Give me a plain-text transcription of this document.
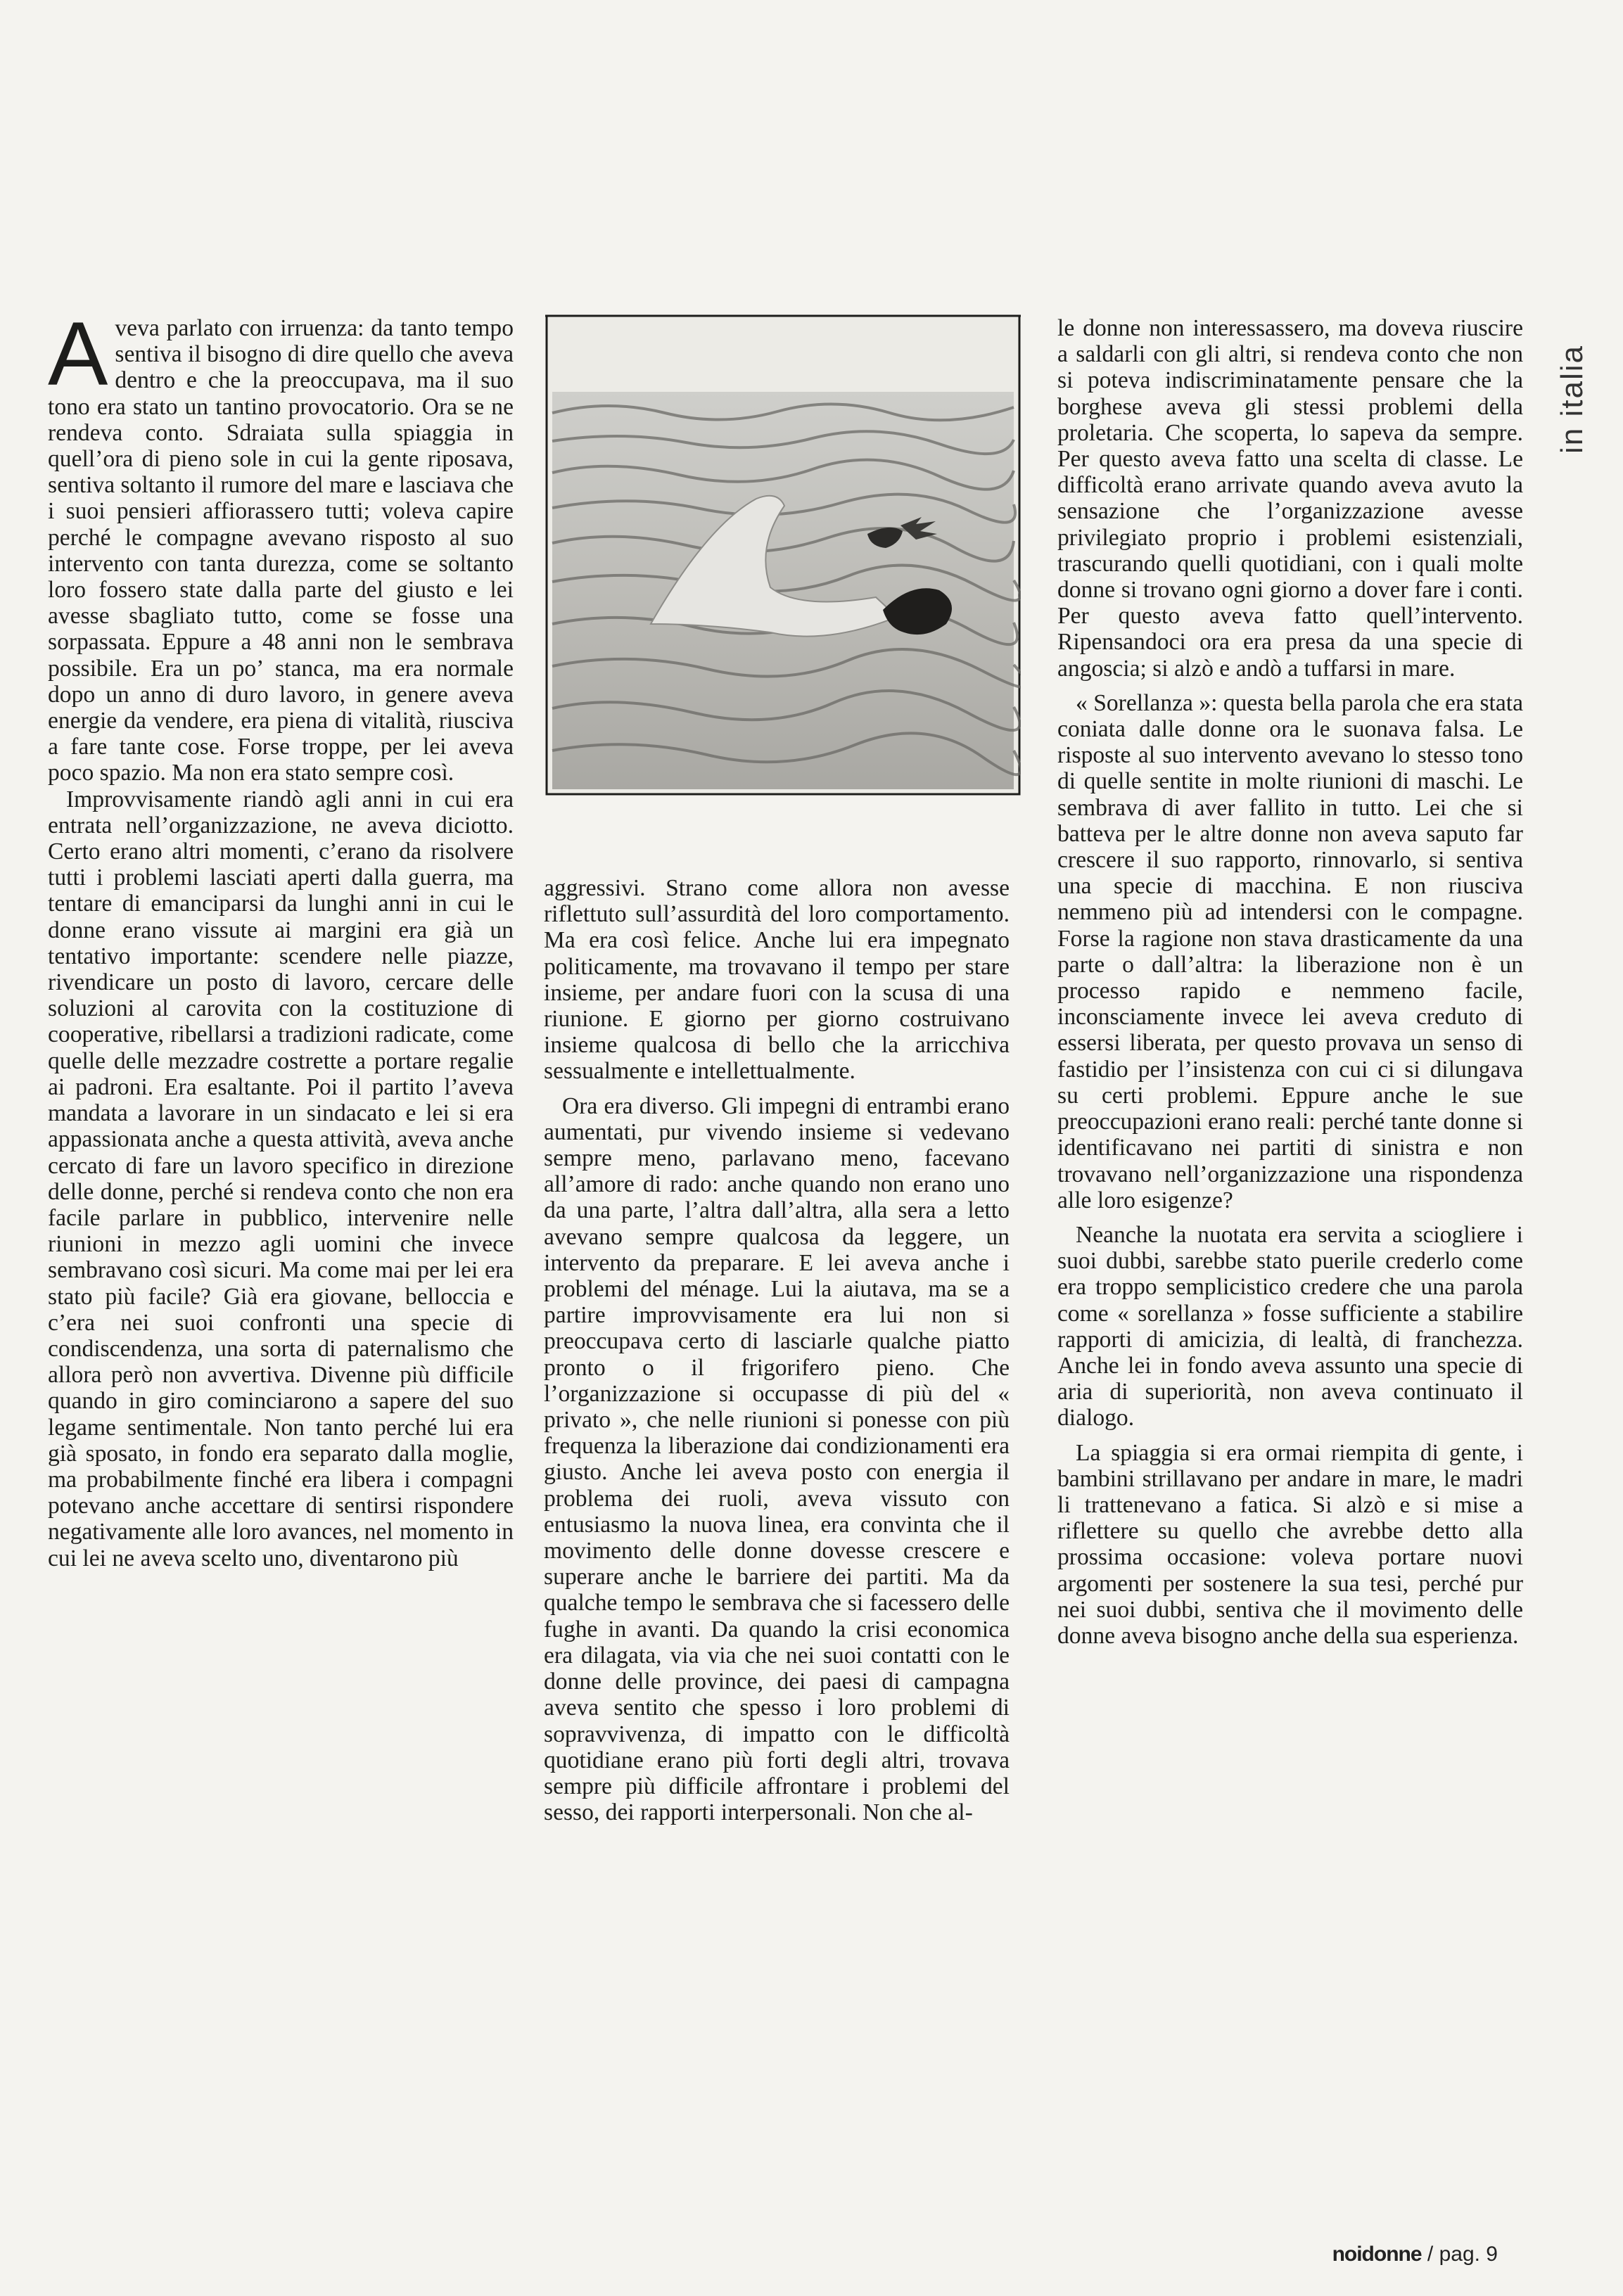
in italia

Aveva parlato con irruenza: da tanto tempo sentiva il bisogno di dire quello che aveva dentro e che la preoccupava, ma il suo tono era stato un tantino provocatorio. Ora se ne rendeva conto. Sdraiata sulla spiaggia in quell’ora di pieno sole in cui la gente riposava, sentiva soltanto il rumore del mare e lasciava che i suoi pensieri affiorassero tutti; voleva capire perché le compagne avevano risposto al suo intervento con tanta durezza, come se soltanto loro fossero state dalla parte del giusto e lei avesse sbagliato tutto, come se fosse una sorpassata. Eppure a 48 anni non le sembrava possibile. Era un po’ stanca, ma era normale dopo un anno di duro lavoro, in genere aveva energie da vendere, era piena di vitalità, riusciva a fare tante cose. Forse troppe, per lei aveva poco spazio. Ma non era stato sempre così.

Improvvisamente riandò agli anni in cui era entrata nell’organizzazione, ne aveva diciotto. Certo erano altri momenti, c’erano da risolvere tutti i problemi lasciati aperti dalla guerra, ma tentare di emanciparsi da lunghi anni in cui le donne erano vissute ai margini era già un tentativo importante: scendere nelle piazze, rivendicare un posto di lavoro, cercare delle soluzioni al carovita con la costituzione di cooperative, ribellarsi a tradizioni radicate, come quelle delle mezzadre costrette a portare regalie ai padroni. Era esaltante. Poi il partito l’aveva mandata a lavorare in un sindacato e lei si era appassionata anche a questa attività, aveva anche cercato di fare un lavoro specifico in direzione delle donne, perché si rendeva conto che non era facile parlare in pubblico, intervenire nelle riunioni in mezzo agli uomini che invece sembravano così sicuri. Ma come mai per lei era stato più facile? Già era giovane, belloccia e c’era nei suoi confronti una specie di condiscendenza, una sorta di paternalismo che allora però non avvertiva. Divenne più difficile quando in giro cominciarono a sapere del suo legame sentimentale. Non tanto perché lui era già sposato, in fondo era separato dalla moglie, ma probabilmente finché era libera i compagni potevano anche accettare di sentirsi rispondere negativamente alle loro avances, nel momento in cui lei ne aveva scelto uno, diventarono più

aggressivi. Strano come allora non avesse riflettuto sull’assurdità del loro comportamento. Ma era così felice. Anche lui era impegnato politicamente, ma trovavano il tempo per stare insieme, per andare fuori con la scusa di una riunione. E giorno per giorno costruivano insieme qualcosa di bello che la arricchiva sessualmente e intellettualmente.

Ora era diverso. Gli impegni di entrambi erano aumentati, pur vivendo insieme si vedevano sempre meno, parlavano meno, facevano all’amore di rado: anche quando non erano uno da una parte, l’altra dall’altra, alla sera a letto avevano sempre qualcosa da leggere, un intervento da preparare. E lei aveva anche i problemi del ménage. Lui la aiutava, ma se a partire improvvisamente era lui non si preoccupava certo di lasciarle qualche piatto pronto o il frigorifero pieno. Che l’organizzazione si occupasse di più del « privato », che nelle riunioni si ponesse con più frequenza la liberazione dai condizionamenti era giusto. Anche lei aveva posto con energia il problema dei ruoli, aveva vissuto con entusiasmo la nuova linea, era convinta che il movimento delle donne dovesse crescere e superare anche le barriere dei partiti. Ma da qualche tempo le sembrava che si facessero delle fughe in avanti. Da quando la crisi economica era dilagata, via via che nei suoi contatti con le donne delle province, dei paesi di campagna aveva sentito che spesso i loro problemi di sopravvivenza, di impatto con le difficoltà quotidiane erano più forti degli altri, trovava sempre più difficile affrontare i problemi del sesso, dei rapporti interpersonali. Non che al-

le donne non interessassero, ma doveva riuscire a saldarli con gli altri, si rendeva conto che non si poteva indiscriminatamente pensare che la borghese aveva gli stessi problemi della proletaria. Che scoperta, lo sapeva da sempre. Per questo aveva fatto una scelta di classe. Le difficoltà erano arrivate quando aveva avuto la sensazione che l’organizzazione avesse privilegiato proprio i problemi esistenziali, trascurando quelli quotidiani, con i quali molte donne si trovano ogni giorno a dover fare i conti. Per questo aveva fatto quell’intervento. Ripensandoci ora era presa da una specie di angoscia; si alzò e andò a tuffarsi in mare.

« Sorellanza »: questa bella parola che era stata coniata dalle donne ora le suonava falsa. Le risposte al suo intervento avevano lo stesso tono di quelle sentite in molte riunioni di maschi. Le sembrava di aver fallito in tutto. Lei che si batteva per le altre donne non aveva saputo far crescere il suo rapporto, rinnovarlo, si sentiva una specie di macchina. E non riusciva nemmeno più ad intendersi con le compagne. Forse la ragione non stava drasticamente da una parte o dall’altra: la liberazione non è un processo rapido e nemmeno facile, inconsciamente invece lei aveva creduto di essersi liberata, per questo provava un senso di fastidio per l’insistenza con cui ci si dilungava su certi problemi. Eppure anche le sue preoccupazioni erano reali: perché tante donne si identificavano nei partiti di sinistra e non trovavano nell’organizzazione una rispondenza alle loro esigenze?

Neanche la nuotata era servita a sciogliere i suoi dubbi, sarebbe stato puerile crederlo come era troppo semplicistico credere che una parola come « sorellanza » fosse sufficiente a stabilire rapporti di amicizia, di lealtà, di franchezza. Anche lei in fondo aveva assunto una specie di aria di superiorità, non aveva continuato il dialogo.

La spiaggia si era ormai riempita di gente, i bambini strillavano per andare in mare, le madri li trattenevano a fatica. Si alzò e si mise a riflettere su quello che avrebbe detto alla prossima occasione: voleva portare nuovi argomenti per sostenere la sua tesi, perché pur nei suoi dubbi, sentiva che il movimento delle donne aveva bisogno anche della sua esperienza.

noidonne / pag. 9
